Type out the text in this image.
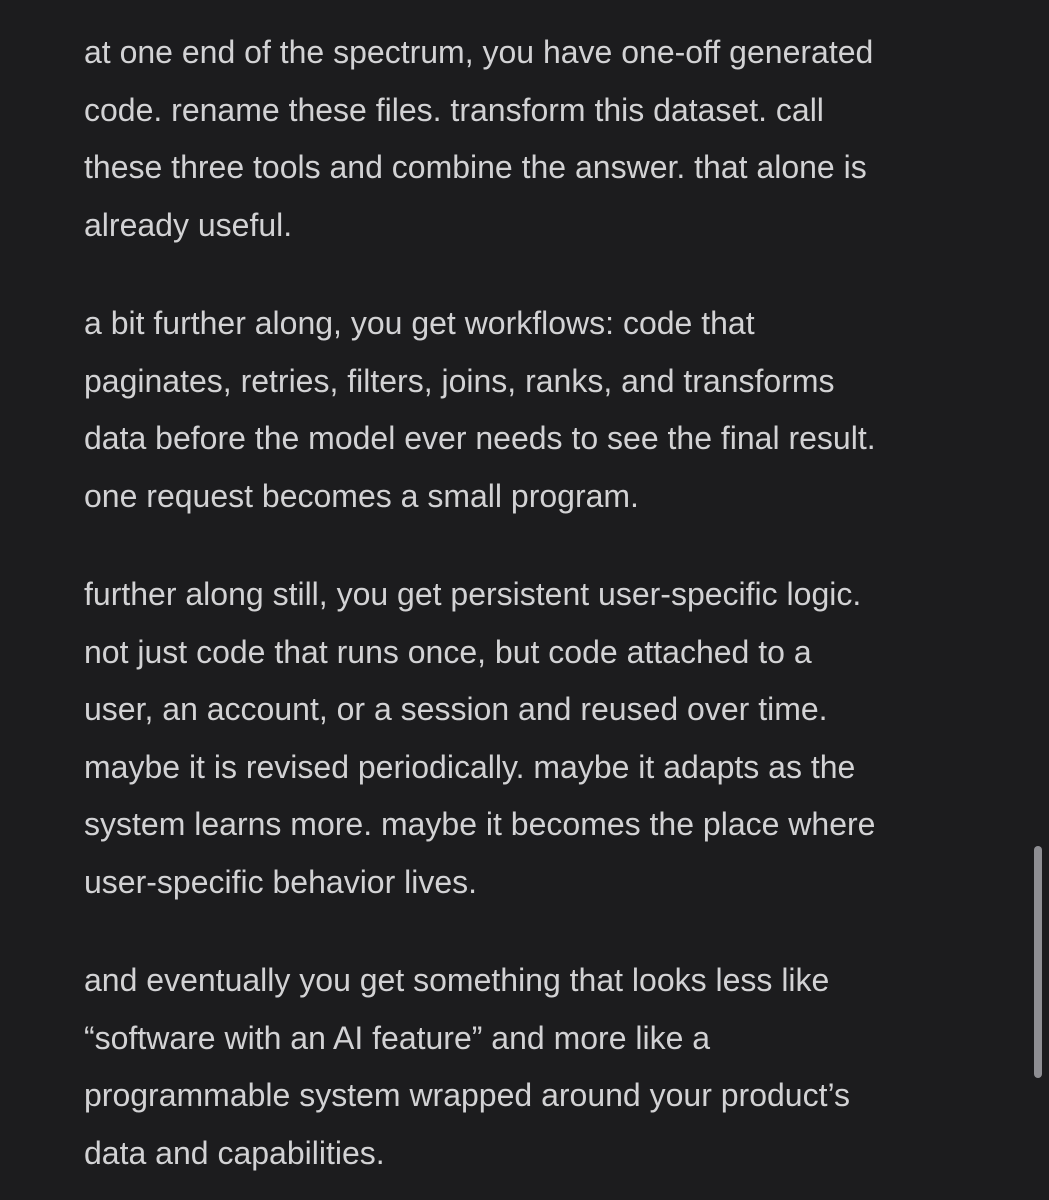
at one end of the spectrum, you have one-off generated
code. rename these files. transform this dataset. call
these three tools and combine the answer. that alone is
already useful.

a bit further along, you get workflows: code that
paginates, retries, filters, joins, ranks, and transforms
data before the model ever needs to see the final result.
one request becomes a small program.

further along still, you get persistent user-specific logic.
not just code that runs once, but code attached to a
user, an account, or a session and reused over time.
maybe it is revised periodically. maybe it adapts as the
system learns more. maybe it becomes the place where
user-specific behavior lives.

and eventually you get something that looks less like
“software with an AI feature” and more like a
programmable system wrapped around your product’s
data and capabilities.
